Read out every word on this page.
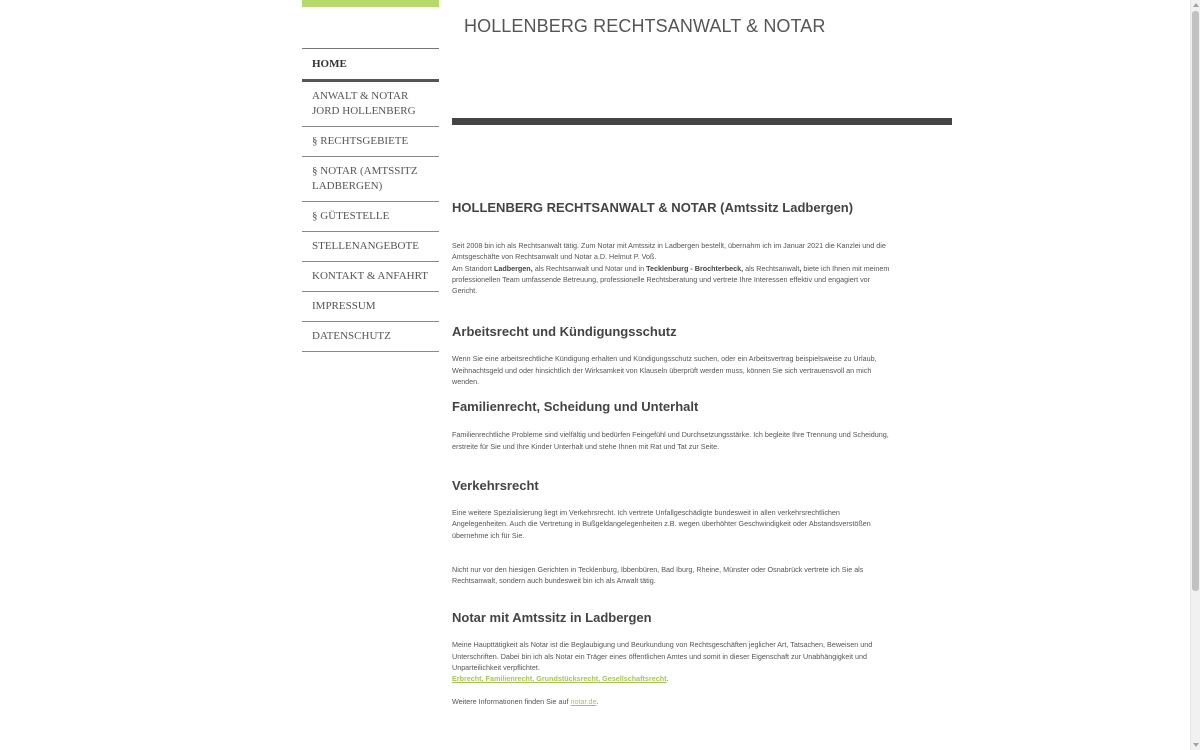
HOME
ANWALT & NOTAR JORD HOLLENBERG
§ RECHTSGEBIETE
§ NOTAR (AMTSSITZ LADBERGEN)
§ GÜTESTELLE
STELLENANGEBOTE
KONTAKT & ANFAHRT
IMPRESSUM
DATENSCHUTZ
HOLLENBERG RECHTSANWALT & NOTAR
HOLLENBERG RECHTSANWALT & NOTAR (Amtssitz Ladbergen)

Seit 2008 bin ich als Rechtsanwalt tätig. Zum Notar mit Amtssitz in Ladbergen bestellt, übernahm ich im Januar 2021 die Kanzlei und die Amtsgeschäfte von Rechtsanwalt und Notar a.D. Helmut P. Voß.

Am Standort Ladbergen, als Rechtsanwalt und Notar und in Tecklenburg - Brochterbeck, als Rechtsanwalt, biete ich Ihnen mit meinem professionellen Team umfassende Betreuung, professionelle Rechtsberatung und vertrete Ihre Interessen effektiv und engagiert vor Gericht.

Arbeitsrecht und Kündigungsschutz

Wenn Sie eine arbeitsrechtliche Kündigung erhalten und Kündigungsschutz suchen, oder ein Arbeitsvertrag beispielsweise zu Urlaub, Weihnachtsgeld und oder hinsichtlich der Wirksamkeit von Klauseln überprüft werden muss, können Sie sich vertrauensvoll an mich wenden.

Familienrecht, Scheidung und Unterhalt

Familienrechtliche Probleme sind vielfältig und bedürfen Feingefühl und Durchsetzungsstärke. Ich begleite Ihre Trennung und Scheidung, erstreite für Sie und Ihre Kinder Unterhalt und stehe Ihnen mit Rat und Tat zur Seite.

Verkehrsrecht

Eine weitere Spezialisierung liegt im Verkehrsrecht. Ich vertrete Unfallgeschädigte bundesweit in allen verkehrsrechtlichen Angelegenheiten. Auch die Vertretung in Bußgeldangelegenheiten z.B. wegen überhöhter Geschwindigkeit oder Abstandsverstößen übernehme ich für Sie.

Nicht nur vor den hiesigen Gerichten in Tecklenburg, Ibbenbüren, Bad Iburg, Rheine, Münster oder Osnabrück vertrete ich Sie als Rechtsanwalt, sondern auch bundesweit bin ich als Anwalt tätig.

Notar mit Amtssitz in Ladbergen

Meine Haupttätigkeit als Notar ist die Beglaubigung und Beurkundung von Rechtsgeschäften jeglicher Art, Tatsachen, Beweisen und Unterschriften. Dabei bin ich als Notar ein Träger eines öffentlichen Amtes und somit in dieser Eigenschaft zur Unabhängigkeit und Unparteilichkeit verpflichtet.

Erbrecht, Familienrecht, Grundstücksrecht, Gesellschaftsrecht.

Weitere Informationen finden Sie auf notar.de.
